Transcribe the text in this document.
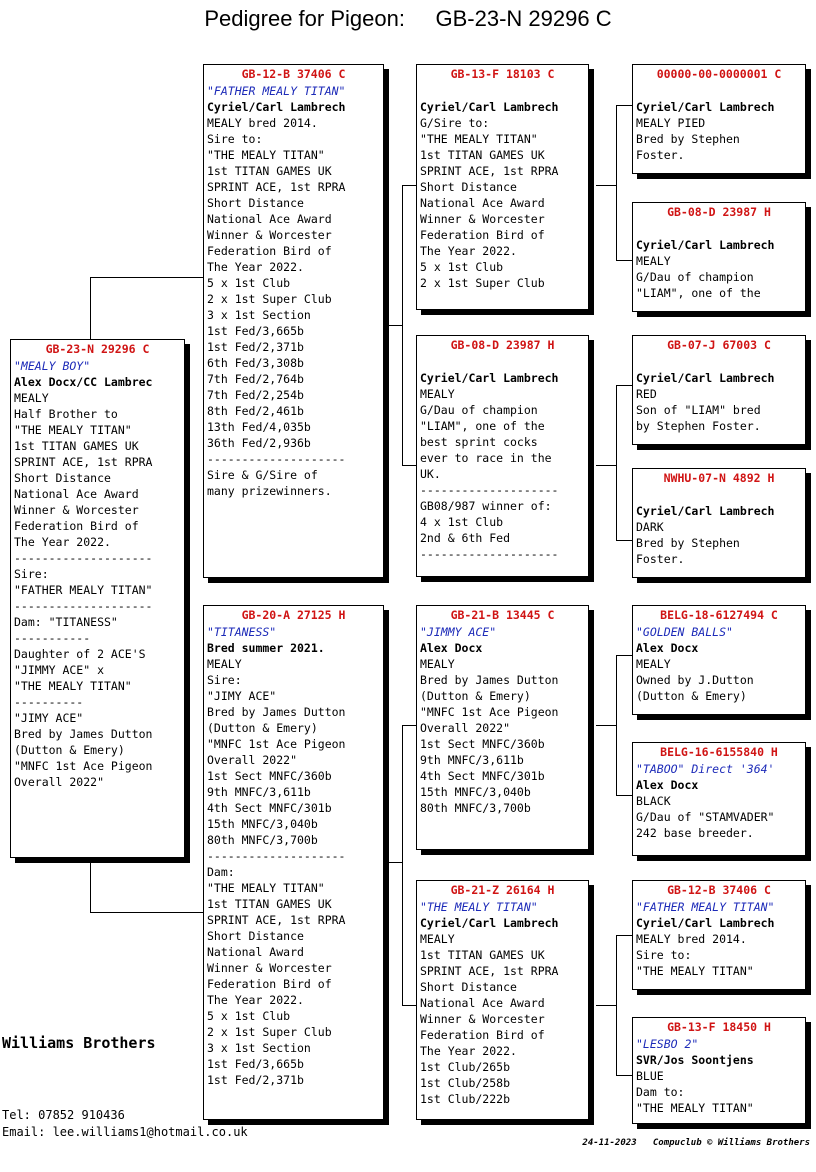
Pedigree for Pigeon:     GB-23-N 29296 C
GB-23-N 29296 C
"MEALY BOY"
Alex Docx/CC Lambrec
MEALY
Half Brother to
"THE MEALY TITAN"
1st TITAN GAMES UK
SPRINT ACE, 1st RPRA
Short Distance
National Ace Award
Winner & Worcester
Federation Bird of
The Year 2022.
--------------------
Sire:
"FATHER MEALY TITAN"
--------------------
Dam: "TITANESS"
-----------
Daughter of 2 ACE'S
"JIMMY ACE" x
"THE MEALY TITAN"
----------
"JIMY ACE"
Bred by James Dutton
(Dutton & Emery)
"MNFC 1st Ace Pigeon
Overall 2022"
GB-12-B 37406 C
"FATHER MEALY TITAN"
Cyriel/Carl Lambrech
MEALY bred 2014.
Sire to:
"THE MEALY TITAN"
1st TITAN GAMES UK
SPRINT ACE, 1st RPRA
Short Distance
National Ace Award
Winner & Worcester
Federation Bird of
The Year 2022.
5 x 1st Club
2 x 1st Super Club
3 x 1st Section
1st Fed/3,665b
1st Fed/2,371b
6th Fed/3,308b
7th Fed/2,764b
7th Fed/2,254b
8th Fed/2,461b
13th Fed/4,035b
36th Fed/2,936b
--------------------
Sire & G/Sire of
many prizewinners.
GB-20-A 27125 H
"TITANESS"
Bred summer 2021.
MEALY
Sire:
"JIMY ACE"
Bred by James Dutton
(Dutton & Emery)
"MNFC 1st Ace Pigeon
Overall 2022"
1st Sect MNFC/360b
9th MNFC/3,611b
4th Sect MNFC/301b
15th MNFC/3,040b
80th MNFC/3,700b
--------------------
Dam:
"THE MEALY TITAN"
1st TITAN GAMES UK
SPRINT ACE, 1st RPRA
Short Distance
National Award
Winner & Worcester
Federation Bird of
The Year 2022.
5 x 1st Club
2 x 1st Super Club
3 x 1st Section
1st Fed/3,665b
1st Fed/2,371b
GB-13-F 18103 C
Cyriel/Carl Lambrech
G/Sire to:
"THE MEALY TITAN"
1st TITAN GAMES UK
SPRINT ACE, 1st RPRA
Short Distance
National Ace Award
Winner & Worcester
Federation Bird of
The Year 2022.
5 x 1st Club
2 x 1st Super Club
GB-08-D 23987 H
Cyriel/Carl Lambrech
MEALY
G/Dau of champion
"LIAM", one of the
best sprint cocks
ever to race in the
UK.
--------------------
GB08/987 winner of:
4 x 1st Club
2nd & 6th Fed
--------------------
GB-21-B 13445 C
"JIMMY ACE"
Alex Docx
MEALY
Bred by James Dutton
(Dutton & Emery)
"MNFC 1st Ace Pigeon
Overall 2022"
1st Sect MNFC/360b
9th MNFC/3,611b
4th Sect MNFC/301b
15th MNFC/3,040b
80th MNFC/3,700b
GB-21-Z 26164 H
"THE MEALY TITAN"
Cyriel/Carl Lambrech
MEALY
1st TITAN GAMES UK
SPRINT ACE, 1st RPRA
Short Distance
National Ace Award
Winner & Worcester
Federation Bird of
The Year 2022.
1st Club/265b
1st Club/258b
1st Club/222b
00000-00-0000001 C
Cyriel/Carl Lambrech
MEALY PIED
Bred by Stephen
Foster.
GB-08-D 23987 H
Cyriel/Carl Lambrech
MEALY
G/Dau of champion
"LIAM", one of the
GB-07-J 67003 C
Cyriel/Carl Lambrech
RED
Son of "LIAM" bred
by Stephen Foster.
NWHU-07-N 4892 H
Cyriel/Carl Lambrech
DARK
Bred by Stephen
Foster.
BELG-18-6127494 C
"GOLDEN BALLS"
Alex Docx
MEALY
Owned by J.Dutton
(Dutton & Emery)
BELG-16-6155840 H
"TABOO" Direct '364'
Alex Docx
BLACK
G/Dau of "STAMVADER"
242 base breeder.
GB-12-B 37406 C
"FATHER MEALY TITAN"
Cyriel/Carl Lambrech
MEALY bred 2014.
Sire to:
"THE MEALY TITAN"
GB-13-F 18450 H
"LESBO 2"
SVR/Jos Soontjens
BLUE
Dam to:
"THE MEALY TITAN"
Williams Brothers
Tel: 07852 910436
Email: lee.williams1@hotmail.co.uk
24-11-2023   Compuclub © Williams Brothers
